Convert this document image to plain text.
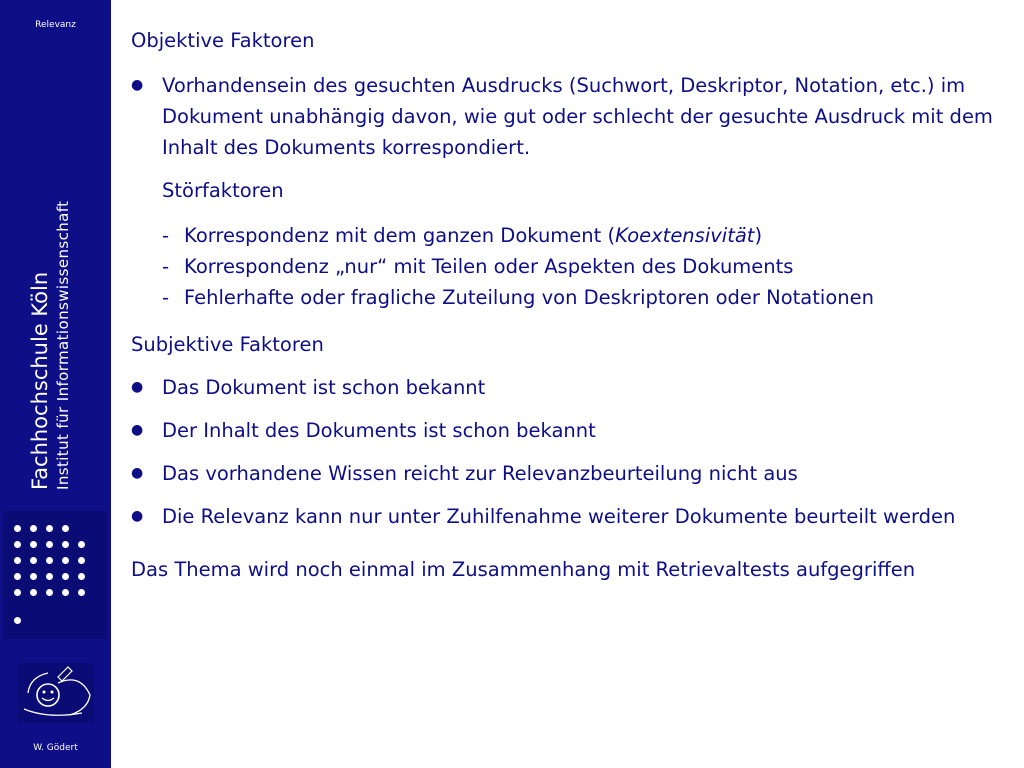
Relevanz
Fachhochschule Köln Institut für Informationswissenschaft
W. Gödert

Objektive Faktoren

● Vorhandensein des gesuchten Ausdrucks (Suchwort, Deskriptor, Notation, etc.) im Dokument unabhängig davon, wie gut oder schlecht der gesuchte Ausdruck mit dem Inhalt des Dokuments korrespondiert.

Störfaktoren

- Korrespondenz mit dem ganzen Dokument (Koextensivität)

- Korrespondenz „nur“ mit Teilen oder Aspekten des Dokuments

- Fehlerhafte oder fragliche Zuteilung von Deskriptoren oder Notationen

Subjektive Faktoren

● Das Dokument ist schon bekannt

● Der Inhalt des Dokuments ist schon bekannt

● Das vorhandene Wissen reicht zur Relevanzbeurteilung nicht aus

● Die Relevanz kann nur unter Zuhilfenahme weiterer Dokumente beurteilt werden

Das Thema wird noch einmal im Zusammenhang mit Retrievaltests aufgegriffen
